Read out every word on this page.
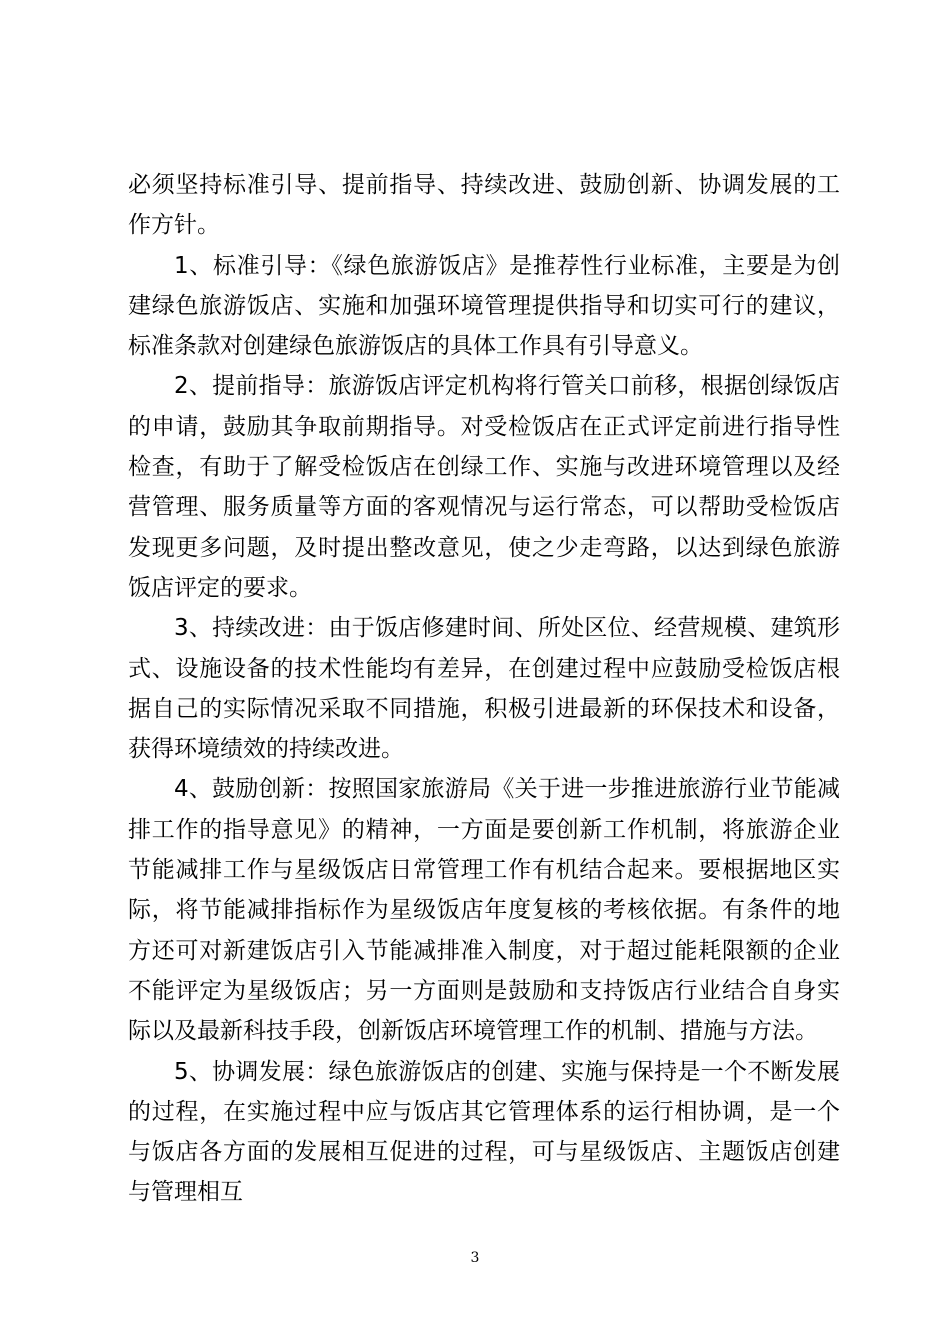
必须坚持标准引导、提前指导、持续改进、鼓励创新、协调发展的工作方针。

1、标准引导：《绿色旅游饭店》是推荐性行业标准，主要是为创建绿色旅游饭店、实施和加强环境管理提供指导和切实可行的建议，标准条款对创建绿色旅游饭店的具体工作具有引导意义。

2、提前指导：旅游饭店评定机构将行管关口前移，根据创绿饭店的申请，鼓励其争取前期指导。对受检饭店在正式评定前进行指导性检查，有助于了解受检饭店在创绿工作、实施与改进环境管理以及经营管理、服务质量等方面的客观情况与运行常态，可以帮助受检饭店发现更多问题，及时提出整改意见，使之少走弯路，以达到绿色旅游饭店评定的要求。

3、持续改进：由于饭店修建时间、所处区位、经营规模、建筑形式、设施设备的技术性能均有差异，在创建过程中应鼓励受检饭店根据自己的实际情况采取不同措施，积极引进最新的环保技术和设备，获得环境绩效的持续改进。

4、鼓励创新：按照国家旅游局《关于进一步推进旅游行业节能减排工作的指导意见》的精神，一方面是要创新工作机制，将旅游企业节能减排工作与星级饭店日常管理工作有机结合起来。要根据地区实际，将节能减排指标作为星级饭店年度复核的考核依据。有条件的地方还可对新建饭店引入节能减排准入制度，对于超过能耗限额的企业不能评定为星级饭店；另一方面则是鼓励和支持饭店行业结合自身实际以及最新科技手段，创新饭店环境管理工作的机制、措施与方法。

5、协调发展：绿色旅游饭店的创建、实施与保持是一个不断发展的过程，在实施过程中应与饭店其它管理体系的运行相协调，是一个与饭店各方面的发展相互促进的过程，可与星级饭店、主题饭店创建与管理相互

3
